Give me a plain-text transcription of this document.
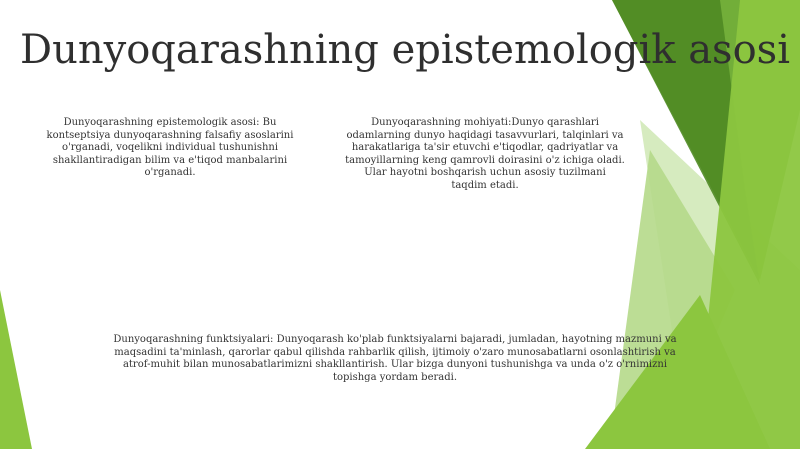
Dunyoqarashning epistemologik asosi
Dunyoqarashning epistemologik asosi: Bu kontseptsiya dunyoqarashning falsafiy asoslarini o'rganadi, voqelikni individual tushunishni shakllantiradigan bilim va e'tiqod manbalarini o'rganadi.
Dunyoqarashning mohiyati:Dunyo qarashlari odamlarning dunyo haqidagi tasavvurlari, talqinlari va harakatlariga ta'sir etuvchi e'tiqodlar, qadriyatlar va tamoyillarning keng qamrovli doirasini o'z ichiga oladi. Ular hayotni boshqarish uchun asosiy tuzilmani taqdim etadi.
Dunyoqarashning funktsiyalari: Dunyoqarash ko'plab funktsiyalarni bajaradi, jumladan, hayotning mazmuni va maqsadini ta'minlash, qarorlar qabul qilishda rahbarlik qilish, ijtimoiy o'zaro munosabatlarni osonlashtirish va atrof-muhit bilan munosabatlarimizni shakllantirish. Ular bizga dunyoni tushunishga va unda o'z o'rnimizni topishga yordam beradi.
